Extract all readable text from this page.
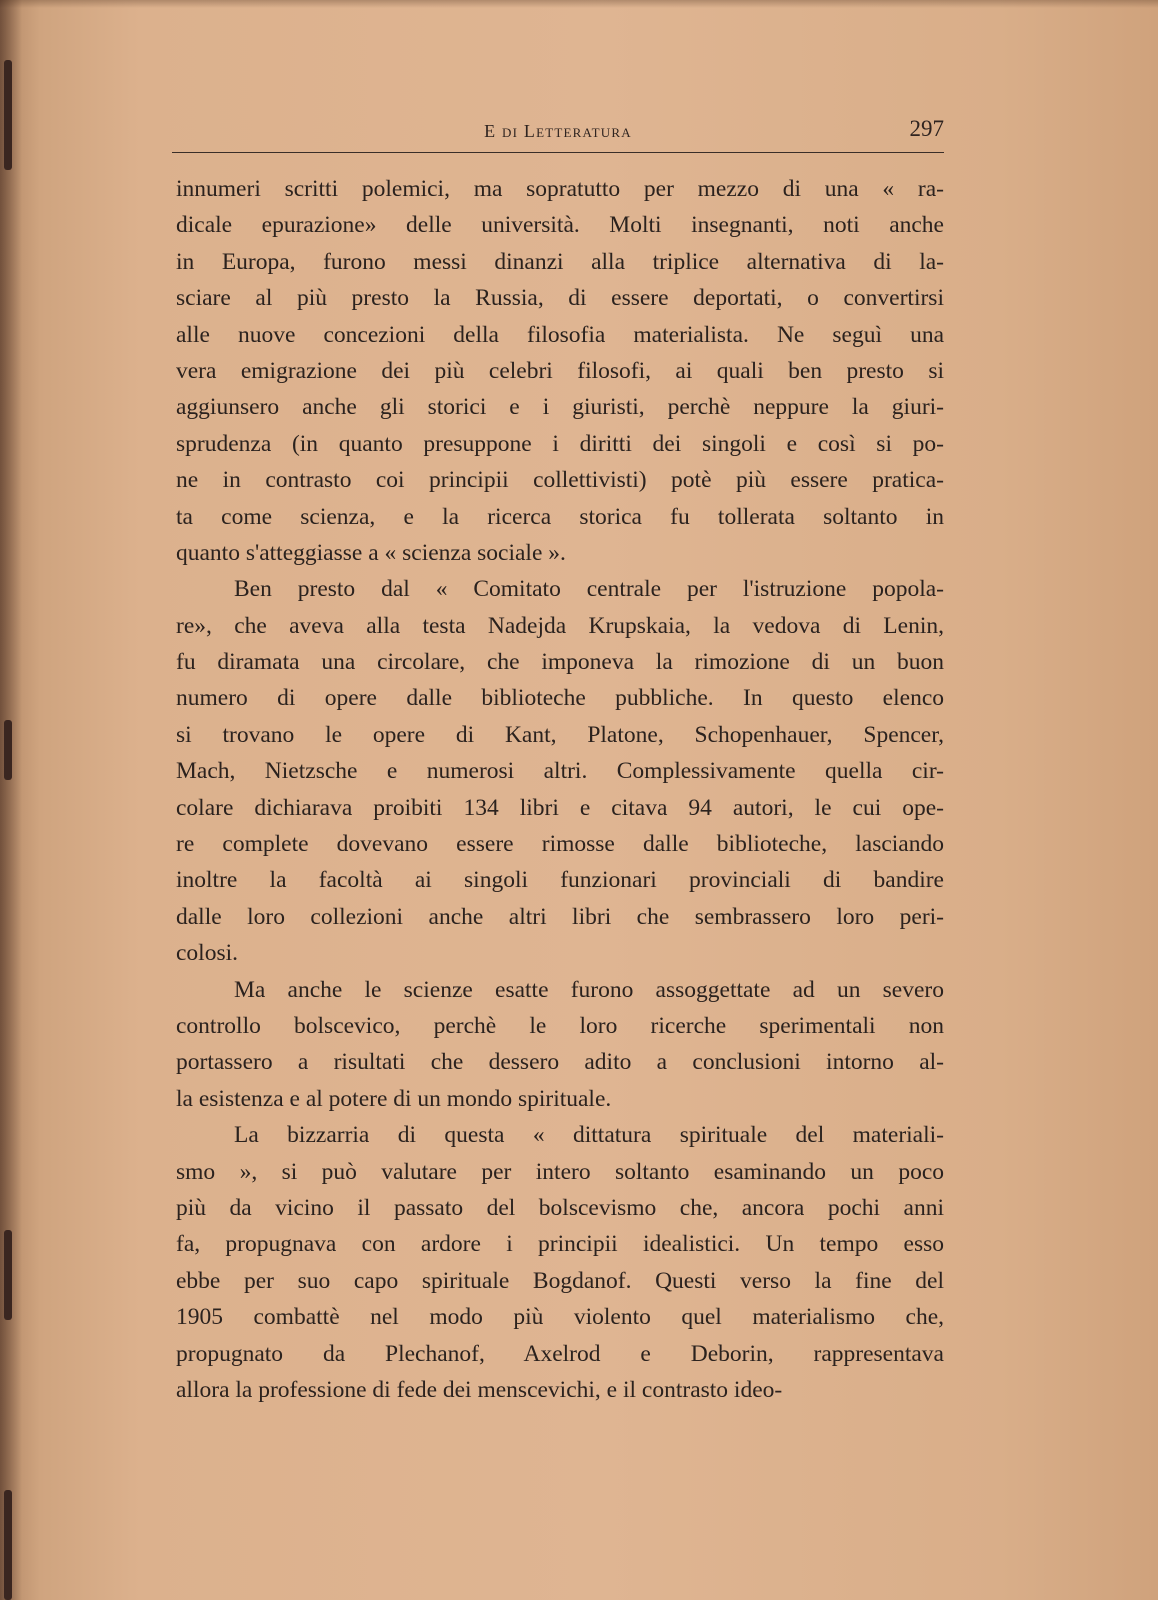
E di Letteratura	297
innumeri scritti polemici, ma sopratutto per mezzo di una « ra-
dicale epurazione» delle università. Molti insegnanti, noti anche
in Europa, furono messi dinanzi alla triplice alternativa di la-
sciare al più presto la Russia, di essere deportati, o convertirsi
alle nuove concezioni della filosofia materialista. Ne seguì una
vera emigrazione dei più celebri filosofi, ai quali ben presto si
aggiunsero anche gli storici e i giuristi, perchè neppure la giuri-
sprudenza (in quanto presuppone i diritti dei singoli e così si po-
ne in contrasto coi principii collettivisti) potè più essere pratica-
ta come scienza, e la ricerca storica fu tollerata soltanto in
quanto s'atteggiasse a « scienza sociale ».
Ben presto dal « Comitato centrale per l'istruzione popola-
re», che aveva alla testa Nadejda Krupskaia, la vedova di Lenin,
fu diramata una circolare, che imponeva la rimozione di un buon
numero di opere dalle biblioteche pubbliche. In questo elenco
si trovano le opere di Kant, Platone, Schopenhauer, Spencer,
Mach, Nietzsche e numerosi altri. Complessivamente quella cir-
colare dichiarava proibiti 134 libri e citava 94 autori, le cui ope-
re complete dovevano essere rimosse dalle biblioteche, lasciando
inoltre la facoltà ai singoli funzionari provinciali di bandire
dalle loro collezioni anche altri libri che sembrassero loro peri-
colosi.
Ma anche le scienze esatte furono assoggettate ad un severo
controllo bolscevico, perchè le loro ricerche sperimentali non
portassero a risultati che dessero adito a conclusioni intorno al-
la esistenza e al potere di un mondo spirituale.
La bizzarria di questa « dittatura spirituale del materiali-
smo », si può valutare per intero soltanto esaminando un poco
più da vicino il passato del bolscevismo che, ancora pochi anni
fa, propugnava con ardore i principii idealistici. Un tempo esso
ebbe per suo capo spirituale Bogdanof. Questi verso la fine del
1905 combattè nel modo più violento quel materialismo che,
propugnato da Plechanof, Axelrod e Deborin, rappresentava
allora la professione di fede dei menscevichi, e il contrasto ideo-
